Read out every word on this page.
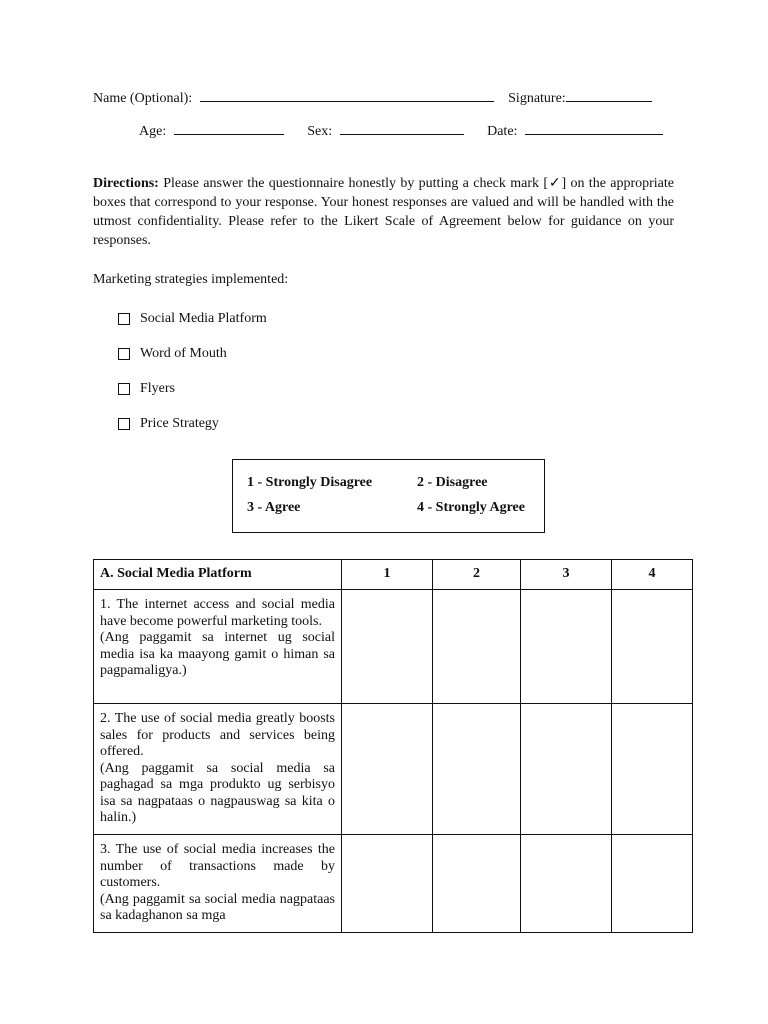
Name (Optional):	Signature:
Age:	Sex:	Date:
Directions: Please answer the questionnaire honestly by putting a check mark [✓] on the appropriate boxes that correspond to your response. Your honest responses are valued and will be handled with the utmost confidentiality. Please refer to the Likert Scale of Agreement below for guidance on your responses.
Marketing strategies implemented:
Social Media Platform
Word of Mouth
Flyers
Price Strategy
1 - Strongly Disagree	2 - Disagree
3 - Agree	4 - Strongly Agree
A. Social Media Platform	1	2	3	4

1. The internet access and social media have become powerful marketing tools.

(Ang paggamit sa internet ug social media isa ka maayong gamit o himan sa pagpamaligya.)				

2. The use of social media greatly boosts sales for products and services being offered.

(Ang paggamit sa social media sa paghagad sa mga produkto ug serbisyo isa sa nagpataas o nagpauswag sa kita o halin.)				

3. The use of social media increases the number of transactions made by customers.

(Ang paggamit sa social media nagpataas sa kadaghanon sa mga				
